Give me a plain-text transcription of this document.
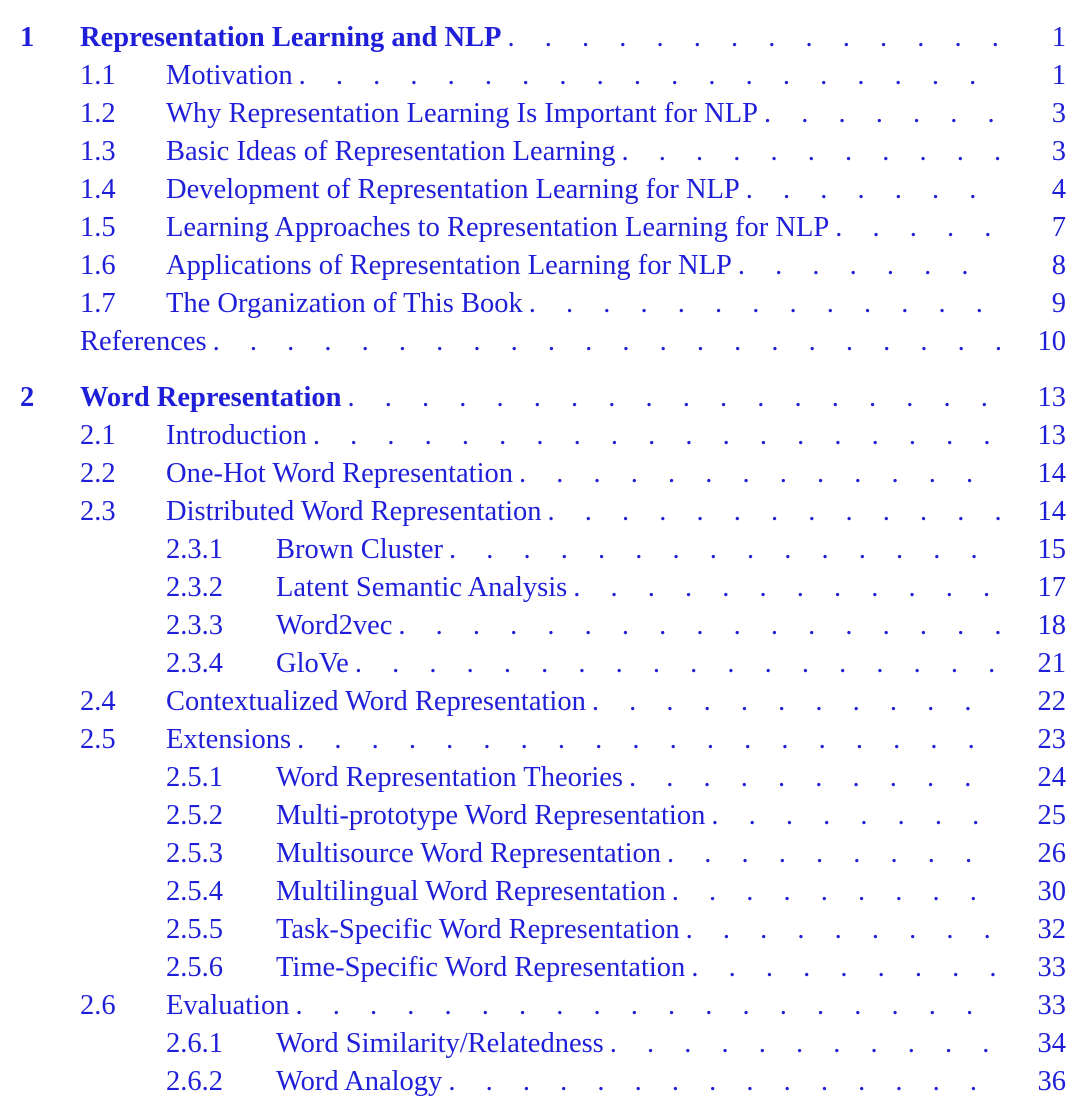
1 Representation Learning and NLP . . .	1
1.1 Motivation . . .	1
1.2 Why Representation Learning Is Important for NLP . . .	3
1.3 Basic Ideas of Representation Learning . . .	3
1.4 Development of Representation Learning for NLP . . .	4
1.5 Learning Approaches to Representation Learning for NLP . . .	7
1.6 Applications of Representation Learning for NLP . . .	8
1.7 The Organization of This Book . . .	9
References . . .	10
2 Word Representation . . .	13
2.1 Introduction . . .	13
2.2 One-Hot Word Representation . . .	14
2.3 Distributed Word Representation . . .	14
2.3.1 Brown Cluster . . .	15
2.3.2 Latent Semantic Analysis . . .	17
2.3.3 Word2vec . . .	18
2.3.4 GloVe . . .	21
2.4 Contextualized Word Representation . . .	22
2.5 Extensions . . .	23
2.5.1 Word Representation Theories . . .	24
2.5.2 Multi-prototype Word Representation . . .	25
2.5.3 Multisource Word Representation . . .	26
2.5.4 Multilingual Word Representation . . .	30
2.5.5 Task-Specific Word Representation . . .	32
2.5.6 Time-Specific Word Representation . . .	33
2.6 Evaluation . . .	33
2.6.1 Word Similarity/Relatedness . . .	34
2.6.2 Word Analogy . . .	36
